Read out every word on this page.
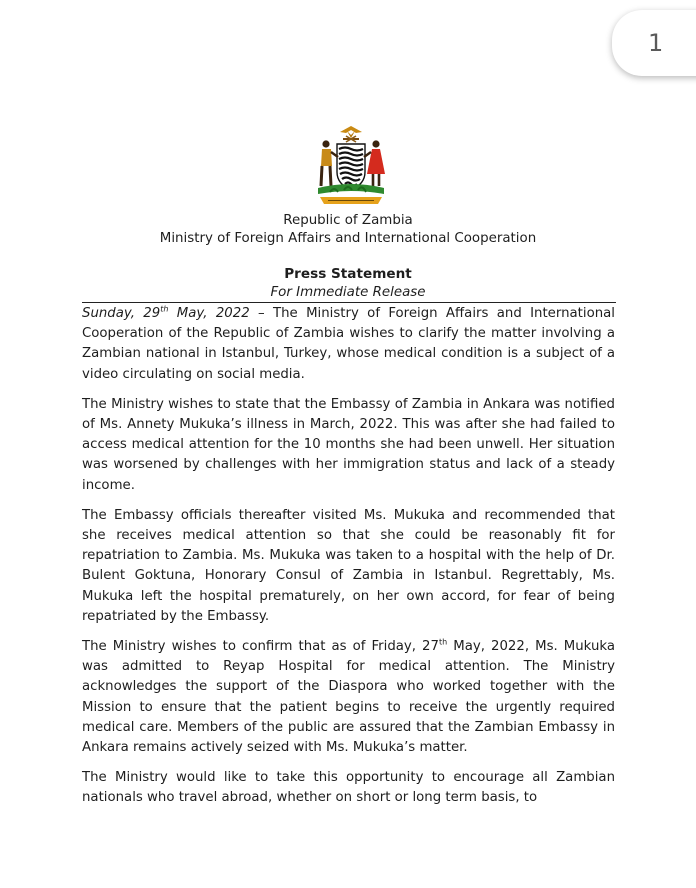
1
Republic of Zambia
Ministry of Foreign Affairs and International Cooperation
Press Statement
For Immediate Release

Sunday, 29th May, 2022 – The Ministry of Foreign Affairs and International Cooperation of the Republic of Zambia wishes to clarify the matter involving a Zambian national in Istanbul, Turkey, whose medical condition is a subject of a video circulating on social media.

The Ministry wishes to state that the Embassy of Zambia in Ankara was notified of Ms. Annety Mukuka’s illness in March, 2022. This was after she had failed to access medical attention for the 10 months she had been unwell. Her situation was worsened by challenges with her immigration status and lack of a steady income.

The Embassy officials thereafter visited Ms. Mukuka and recommended that she receives medical attention so that she could be reasonably fit for repatriation to Zambia. Ms. Mukuka was taken to a hospital with the help of Dr. Bulent Goktuna, Honorary Consul of Zambia in Istanbul. Regrettably, Ms. Mukuka left the hospital prematurely, on her own accord, for fear of being repatriated by the Embassy.

The Ministry wishes to confirm that as of Friday, 27th May, 2022, Ms. Mukuka was admitted to Reyap Hospital for medical attention. The Ministry acknowledges the support of the Diaspora who worked together with the Mission to ensure that the patient begins to receive the urgently required medical care. Members of the public are assured that the Zambian Embassy in Ankara remains actively seized with Ms. Mukuka’s matter.

The Ministry would like to take this opportunity to encourage all Zambian nationals who travel abroad, whether on short or long term basis, to
